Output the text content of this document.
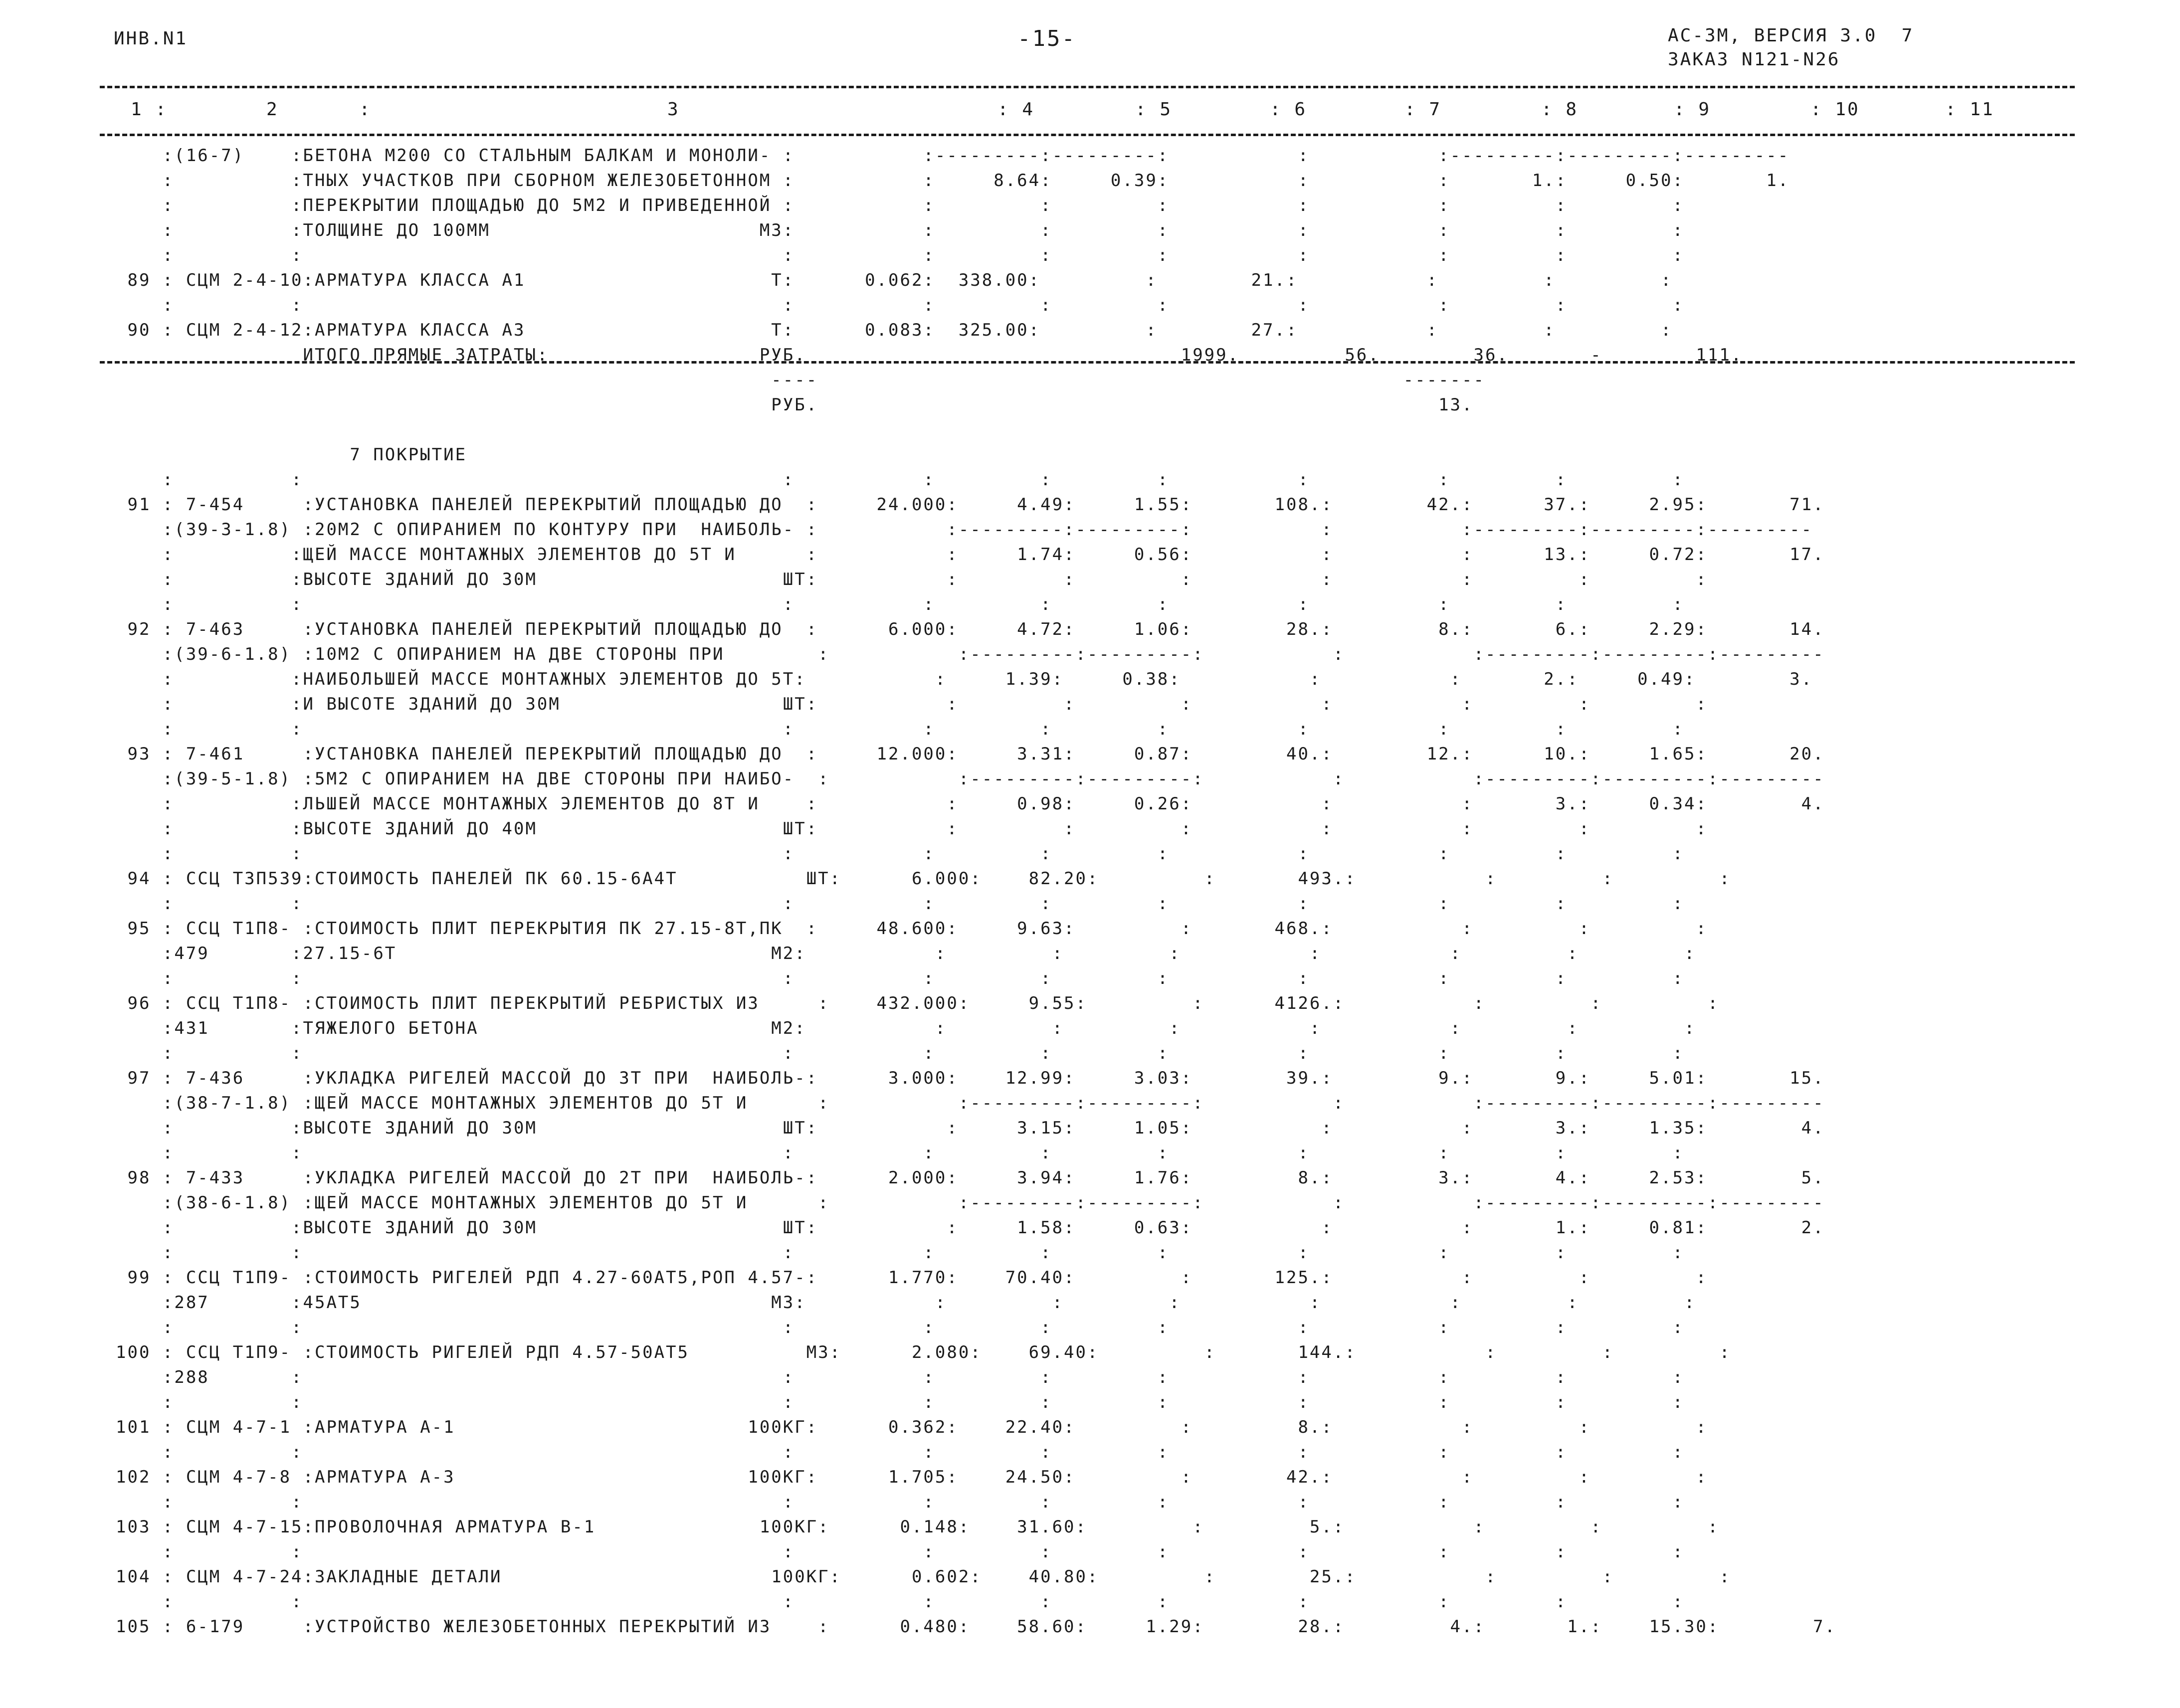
ИНВ.N1	-15-	АС-3М, ВЕРСИЯ 3.0  7
ЗАКАЗ N121-N26
1 :	2	:	3	: 4	: 5	: 6	: 7	: 8	: 9	: 10	: 11
:(16-7)    :БЕТОНА М200 СО СТАЛЬНЫМ БАЛКАМ И МОНОЛИ- :           :---------:---------:           :           :---------:---------:---------
:          :ТНЫХ УЧАСТКОВ ПРИ СБОРНОМ ЖЕЛЕЗОБЕТОННОМ :           :     8.64:     0.39:           :           :       1.:     0.50:       1.
:          :ПЕРЕКРЫТИИ ПЛОЩАДЬЮ ДО 5М2 И ПРИВЕДЕННОЙ :           :         :         :           :           :         :         :
:          :ТОЛЩИНЕ ДО 100ММ                       М3:           :         :         :           :           :         :         :
:          :                                         :           :         :         :           :           :         :         :
89 : СЦМ 2-4-10:АРМАТУРА КЛАССА А1                     Т:      0.062:  338.00:         :        21.:           :         :         :
:          :                                         :           :         :         :           :           :         :         :
90 : СЦМ 2-4-12:АРМАТУРА КЛАССА А3                     Т:      0.083:  325.00:         :        27.:           :         :         :
ИТОГО ПРЯМЫЕ ЗАТРАТЫ:                  РУБ.                                1999.         56.        36.       -        111.
----                                                  -------
РУБ.                                                     13.
7 ПОКРЫТИЕ
:          :                                         :           :         :         :           :           :         :         :
91 : 7-454     :УСТАНОВКА ПАНЕЛЕЙ ПЕРЕКРЫТИЙ ПЛОЩАДЬЮ ДО  :     24.000:     4.49:     1.55:       108.:        42.:      37.:     2.95:       71.
:(39-3-1.8) :20М2 С ОПИРАНИЕМ ПО КОНТУРУ ПРИ  НАИБОЛЬ- :           :---------:---------:           :           :---------:---------:---------
:          :ЩЕЙ МАССЕ МОНТАЖНЫХ ЭЛЕМЕНТОВ ДО 5Т И      :           :     1.74:     0.56:           :           :      13.:     0.72:       17.
:          :ВЫСОТЕ ЗДАНИЙ ДО 30М                     ШТ:           :         :         :           :           :         :         :
:          :                                         :           :         :         :           :           :         :         :
92 : 7-463     :УСТАНОВКА ПАНЕЛЕЙ ПЕРЕКРЫТИЙ ПЛОЩАДЬЮ ДО  :      6.000:     4.72:     1.06:        28.:         8.:       6.:     2.29:       14.
:(39-6-1.8) :10М2 С ОПИРАНИЕМ НА ДВЕ СТОРОНЫ ПРИ        :           :---------:---------:           :           :---------:---------:---------
:          :НАИБОЛЬШЕЙ МАССЕ МОНТАЖНЫХ ЭЛЕМЕНТОВ ДО 5Т:           :     1.39:     0.38:           :           :       2.:     0.49:        3.
:          :И ВЫСОТЕ ЗДАНИЙ ДО 30М                   ШТ:           :         :         :           :           :         :         :
:          :                                         :           :         :         :           :           :         :         :
93 : 7-461     :УСТАНОВКА ПАНЕЛЕЙ ПЕРЕКРЫТИЙ ПЛОЩАДЬЮ ДО  :     12.000:     3.31:     0.87:        40.:        12.:      10.:     1.65:       20.
:(39-5-1.8) :5М2 С ОПИРАНИЕМ НА ДВЕ СТОРОНЫ ПРИ НАИБО-  :           :---------:---------:           :           :---------:---------:---------
:          :ЛЬШЕЙ МАССЕ МОНТАЖНЫХ ЭЛЕМЕНТОВ ДО 8Т И    :           :     0.98:     0.26:           :           :       3.:     0.34:        4.
:          :ВЫСОТЕ ЗДАНИЙ ДО 40М                     ШТ:           :         :         :           :           :         :         :
:          :                                         :           :         :         :           :           :         :         :
94 : ССЦ Т3П539:СТОИМОСТЬ ПАНЕЛЕЙ ПК 60.15-6А4Т           ШТ:      6.000:    82.20:         :       493.:           :         :         :
:          :                                         :           :         :         :           :           :         :         :
95 : ССЦ Т1П8- :СТОИМОСТЬ ПЛИТ ПЕРЕКРЫТИЯ ПК 27.15-8Т,ПК  :     48.600:     9.63:         :       468.:           :         :         :
:479       :27.15-6Т                                М2:           :         :         :           :           :         :         :
:          :                                         :           :         :         :           :           :         :         :
96 : ССЦ Т1П8- :СТОИМОСТЬ ПЛИТ ПЕРЕКРЫТИЙ РЕБРИСТЫХ ИЗ     :    432.000:     9.55:         :      4126.:           :         :         :
:431       :ТЯЖЕЛОГО БЕТОНА                         М2:           :         :         :           :           :         :         :
:          :                                         :           :         :         :           :           :         :         :
97 : 7-436     :УКЛАДКА РИГЕЛЕЙ МАССОЙ ДО 3Т ПРИ  НАИБОЛЬ-:      3.000:    12.99:     3.03:        39.:         9.:       9.:     5.01:       15.
:(38-7-1.8) :ЩЕЙ МАССЕ МОНТАЖНЫХ ЭЛЕМЕНТОВ ДО 5Т И      :           :---------:---------:           :           :---------:---------:---------
:          :ВЫСОТЕ ЗДАНИЙ ДО 30М                     ШТ:           :     3.15:     1.05:           :           :       3.:     1.35:        4.
:          :                                         :           :         :         :           :           :         :         :
98 : 7-433     :УКЛАДКА РИГЕЛЕЙ МАССОЙ ДО 2Т ПРИ  НАИБОЛЬ-:      2.000:     3.94:     1.76:         8.:         3.:       4.:     2.53:        5.
:(38-6-1.8) :ЩЕЙ МАССЕ МОНТАЖНЫХ ЭЛЕМЕНТОВ ДО 5Т И      :           :---------:---------:           :           :---------:---------:---------
:          :ВЫСОТЕ ЗДАНИЙ ДО 30М                     ШТ:           :     1.58:     0.63:           :           :       1.:     0.81:        2.
:          :                                         :           :         :         :           :           :         :         :
99 : ССЦ Т1П9- :СТОИМОСТЬ РИГЕЛЕЙ РДП 4.27-60АТ5,РОП 4.57-:      1.770:    70.40:         :       125.:           :         :         :
:287       :45АТ5                                   М3:           :         :         :           :           :         :         :
:          :                                         :           :         :         :           :           :         :         :
100 : ССЦ Т1П9- :СТОИМОСТЬ РИГЕЛЕЙ РДП 4.57-50АТ5          М3:      2.080:    69.40:         :       144.:           :         :         :
:288       :                                         :           :         :         :           :           :         :         :
:          :                                         :           :         :         :           :           :         :         :
101 : СЦМ 4-7-1 :АРМАТУРА А-1                         100КГ:      0.362:    22.40:         :         8.:           :         :         :
:          :                                         :           :         :         :           :           :         :         :
102 : СЦМ 4-7-8 :АРМАТУРА А-3                         100КГ:      1.705:    24.50:         :        42.:           :         :         :
:          :                                         :           :         :         :           :           :         :         :
103 : СЦМ 4-7-15:ПРОВОЛОЧНАЯ АРМАТУРА В-1              100КГ:      0.148:    31.60:         :         5.:           :         :         :
:          :                                         :           :         :         :           :           :         :         :
104 : СЦМ 4-7-24:ЗАКЛАДНЫЕ ДЕТАЛИ                       100КГ:      0.602:    40.80:         :        25.:           :         :         :
:          :                                         :           :         :         :           :           :         :         :
105 : 6-179     :УСТРОЙСТВО ЖЕЛЕЗОБЕТОННЫХ ПЕРЕКРЫТИЙ ИЗ    :      0.480:    58.60:     1.29:        28.:         4.:       1.:    15.30:        7.
